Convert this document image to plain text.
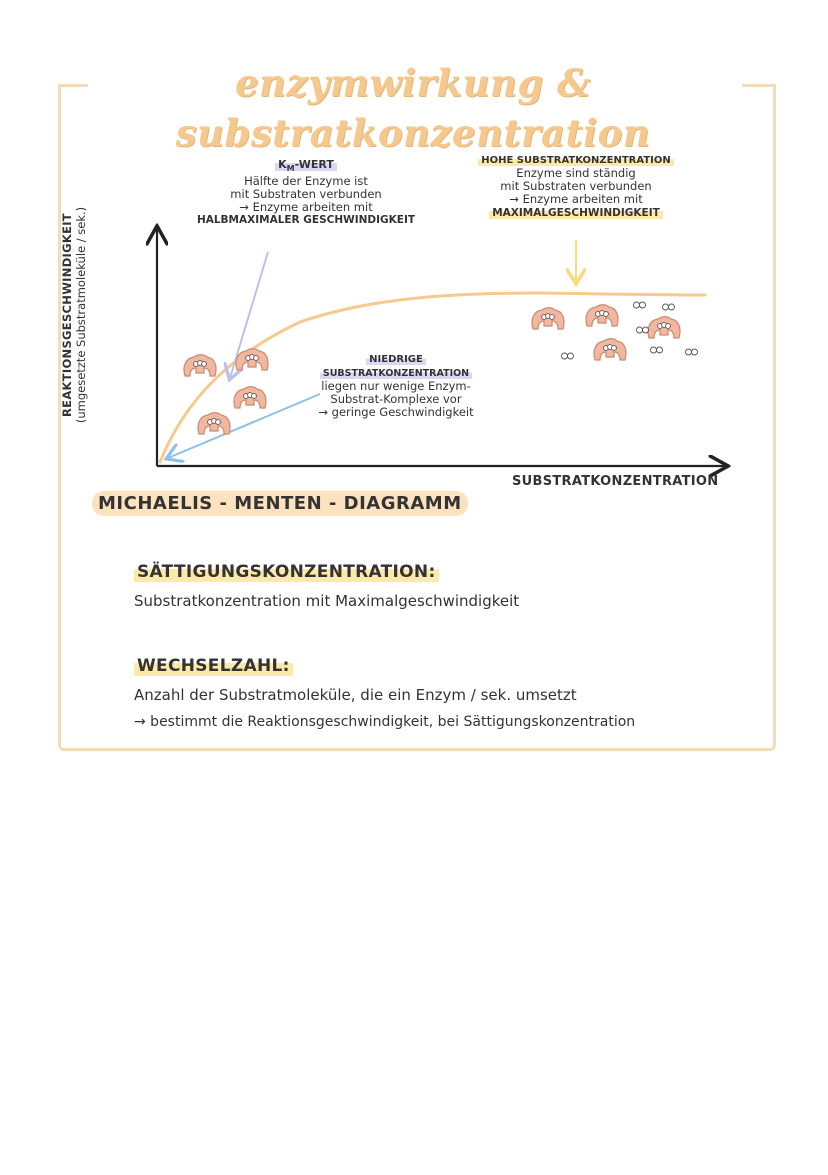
enzymwirkung & substratkonzentration
$K_M$-WERT
Hälfte der Enzyme ist
mit Substraten verbunden
→ Enzyme arbeiten mit
HALBMAXIMALER GESCHWINDIGKEIT
HOHE SUBSTRATKONZENTRATION
Enzyme sind ständig
mit Substraten verbunden
→ Enzyme arbeiten mit
MAXIMALGESCHWINDIGKEIT
NIEDRIGE
SUBSTRATKONZENTRATION
liegen nur wenige Enzym-
Substrat-Komplexe vor
→ geringe Geschwindigkeit
REAKTIONSGESCHWINDIGKEIT (umgesetzte Substratmoleküle / sek.)
SUBSTRATKONZENTRATION
MICHAELIS - MENTEN - DIAGRAMM
SÄTTIGUNGSKONZENTRATION:
Substratkonzentration mit Maximalgeschwindigkeit
WECHSELZAHL:
Anzahl der Substratmoleküle, die ein Enzym / sek. umsetzt
→ bestimmt die Reaktionsgeschwindigkeit, bei Sättigungskonzentration
